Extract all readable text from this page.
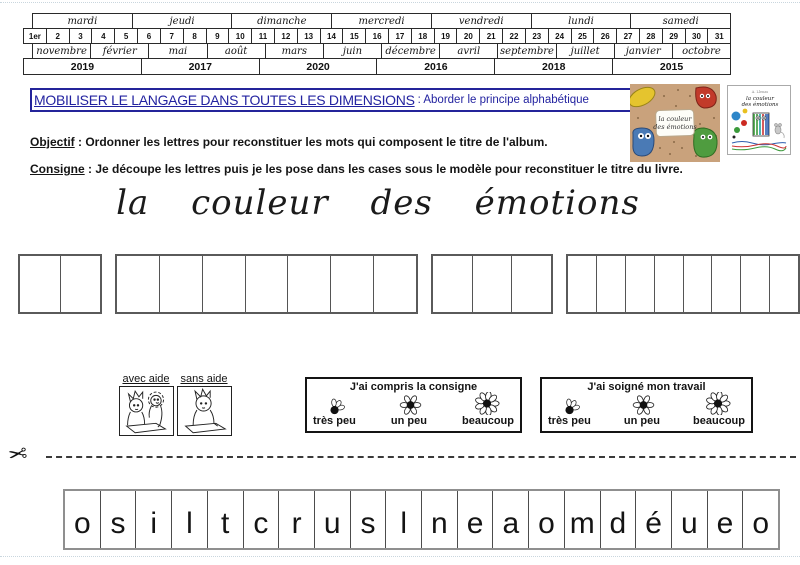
mardi	jeudi	dimanche	mercredi	vendredi	lundi	samedi
1er	2	3	4	5	6	7	8	9	10	11	12	13	14	15	16	17	18	19	20	21	22	23	24	25	26	27	28	29	30	31
novembre	février	mai	août	mars	juin	décembre	avril	septembre	juillet	janvier	octobre
2019	2017	2020	2016	2018	2015
MOBILISER LE LANGAGE DANS TOUTES LES DIMENSIONS : Aborder le principe alphabétique
la couleur
des émotions
A. Llenas
la couleur
des émotions

Objectif : Ordonner les lettres pour reconstituer les mots qui composent le titre de l'album.

Consigne : Je découpe les lettres puis je les pose dans les cases sous le modèle pour reconstituer le titre du livre.

la couleur des émotions
avec aide sans aide
J'ai compris la consigne
très peu	un peu	beaucoup
J'ai soigné mon travail
très peu	un peu	beaucoup
✂
o s i l t c r u s l n e a o m d é u e o
